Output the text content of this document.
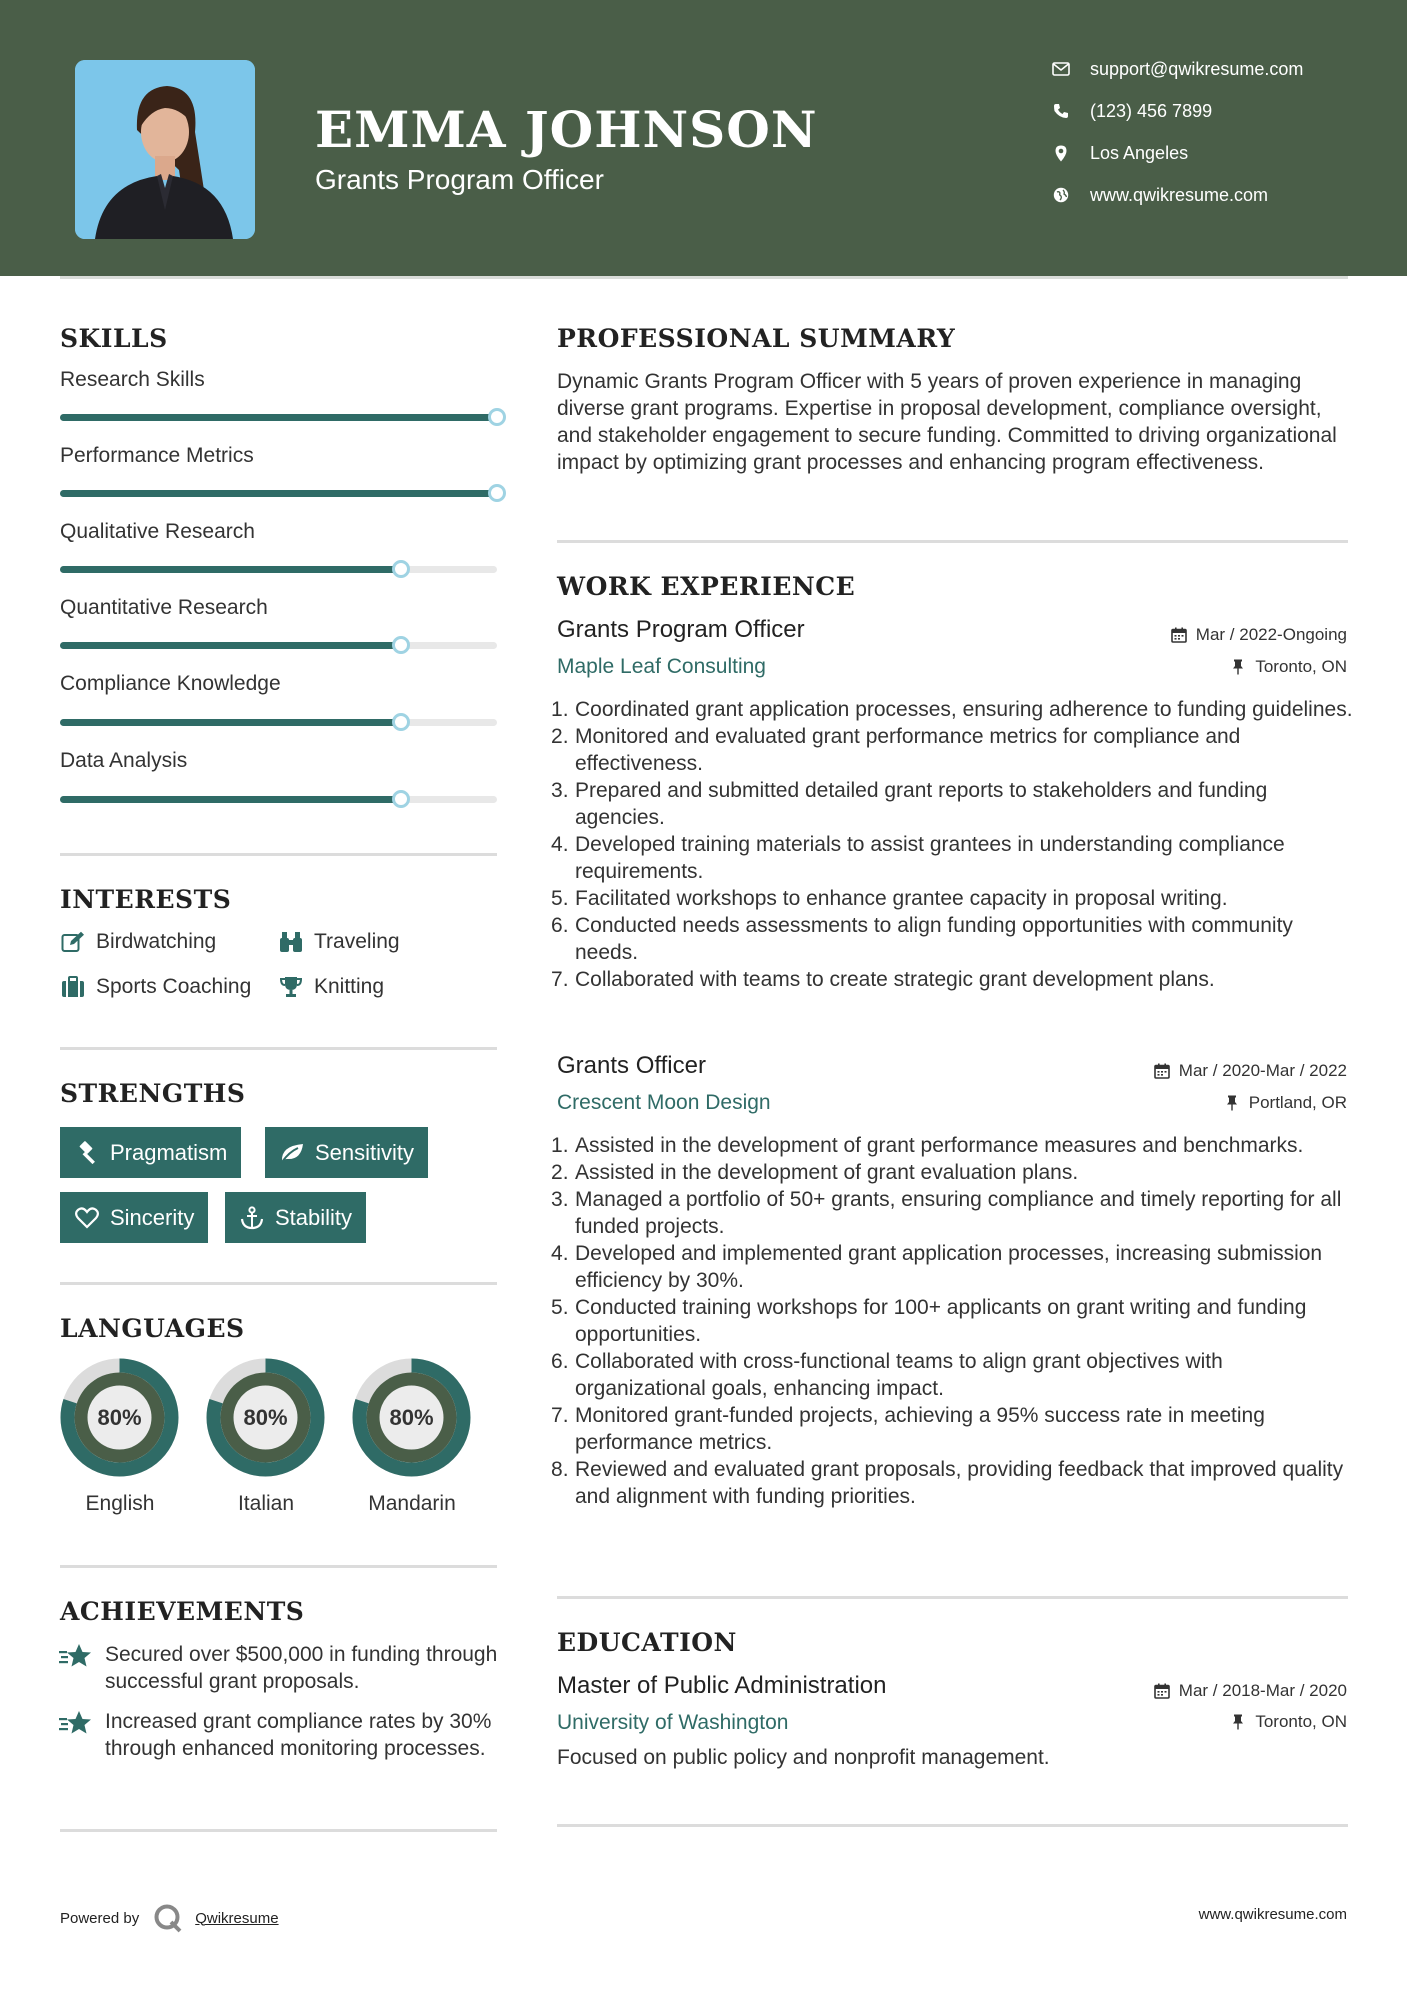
EMMA JOHNSON
Grants Program Officer
support@qwikresume.com
(123) 456 7899
Los Angeles
www.qwikresume.com
SKILLS
Research Skills
Performance Metrics
Qualitative Research
Quantitative Research
Compliance Knowledge
Data Analysis
INTERESTS
Birdwatching	Traveling
Sports Coaching	Knitting
STRENGTHS
Pragmatism	Sensitivity
Sincerity	Stability
LANGUAGES
80%
English
80%
Italian
80%
Mandarin
ACHIEVEMENTS
Secured over $500,000 in funding through successful grant proposals.
Increased grant compliance rates by 30% through enhanced monitoring processes.
PROFESSIONAL SUMMARY
Dynamic Grants Program Officer with 5 years of proven experience in managing diverse grant programs. Expertise in proposal development, compliance oversight, and stakeholder engagement to secure funding. Committed to driving organizational impact by optimizing grant processes and enhancing program effectiveness.
WORK EXPERIENCE
Grants Program Officer	Mar / 2022-Ongoing
Maple Leaf Consulting	Toronto, ON
Coordinated grant application processes, ensuring adherence to funding guidelines.
Monitored and evaluated grant performance metrics for compliance and effectiveness.
Prepared and submitted detailed grant reports to stakeholders and funding agencies.
Developed training materials to assist grantees in understanding compliance requirements.
Facilitated workshops to enhance grantee capacity in proposal writing.
Conducted needs assessments to align funding opportunities with community needs.
Collaborated with teams to create strategic grant development plans.
Grants Officer	Mar / 2020-Mar / 2022
Crescent Moon Design	Portland, OR
Assisted in the development of grant performance measures and benchmarks.
Assisted in the development of grant evaluation plans.
Managed a portfolio of 50+ grants, ensuring compliance and timely reporting for all funded projects.
Developed and implemented grant application processes, increasing submission efficiency by 30%.
Conducted training workshops for 100+ applicants on grant writing and funding opportunities.
Collaborated with cross-functional teams to align grant objectives with organizational goals, enhancing impact.
Monitored grant-funded projects, achieving a 95% success rate in meeting performance metrics.
Reviewed and evaluated grant proposals, providing feedback that improved quality and alignment with funding priorities.
EDUCATION
Master of Public Administration	Mar / 2018-Mar / 2020
University of Washington	Toronto, ON
Focused on public policy and nonprofit management.
Powered by	Qwikresume	www.qwikresume.com
